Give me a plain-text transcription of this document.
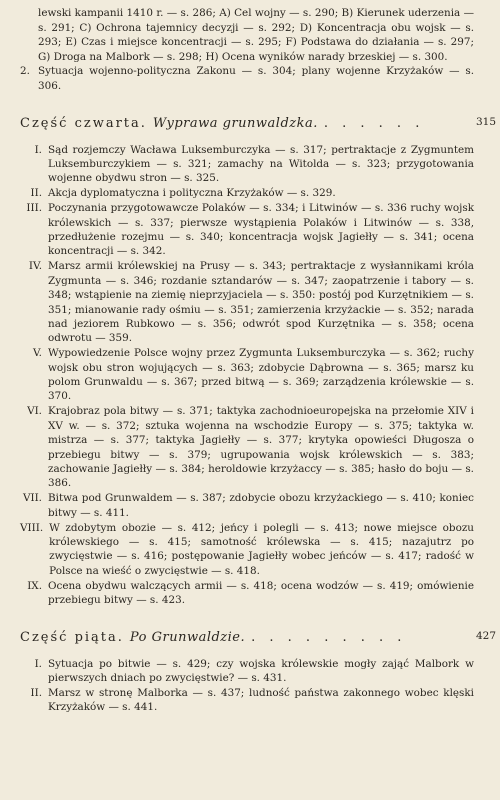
lewski kampanii 1410 r. — s. 286; A) Cel wojny — s. 290; B) Kierunek uderzenia — s. 291; C) Ochrona tajemnicy decyzji — s. 292; D) Koncentracja obu wojsk — s. 293; E) Czas i miejsce koncentracji — s. 295; F) Podstawa do działania — s. 297; G) Droga na Malbork — s. 298; H) Ocena wyników narady brzeskiej — s. 300.
2. Sytuacja wojenno-polityczna Zakonu — s. 304; plany wojenne Krzyżaków — s. 306.
Część czwarta. Wyprawa grunwaldzka. . . . . . .	315
I. Sąd rozjemczy Wacława Luksemburczyka — s. 317; pertraktacje z Zygmuntem Luksemburczykiem — s. 321; zamachy na Witolda — s. 323; przygotowania wojenne obydwu stron — s. 325.
II. Akcja dyplomatyczna i polityczna Krzyżaków — s. 329.
III. Poczynania przygotowawcze Polaków — s. 334; i Litwinów — s. 336 ruchy wojsk królewskich — s. 337; pierwsze wystąpienia Polaków i Litwinów — s. 338, przedłużenie rozejmu — s. 340; koncentracja wojsk Jagiełły — s. 341; ocena koncentracji — s. 342.
IV. Marsz armii królewskiej na Prusy — s. 343; pertraktacje z wysłannikami króla Zygmunta — s. 346; rozdanie sztandarów — s. 347; zaopatrzenie i tabory — s. 348; wstąpienie na ziemię nieprzyjaciela — s. 350: postój pod Kurzętnikiem — s. 351; mianowanie rady ośmiu — s. 351; zamierzenia krzyżackie — s. 352; narada nad jeziorem Rubkowo — s. 356; odwrót spod Kurzętnika — s. 358; ocena odwrotu — 359.
V. Wypowiedzenie Polsce wojny przez Zygmunta Luksemburczyka — s. 362; ruchy wojsk obu stron wojujących — s. 363; zdobycie Dąbrowna — s. 365; marsz ku polom Grunwaldu — s. 367; przed bitwą — s. 369; zarządzenia królewskie — s. 370.
VI. Krajobraz pola bitwy — s. 371; taktyka zachodnioeuropejska na przełomie XIV i XV w. — s. 372; sztuka wojenna na wschodzie Europy — s. 375; taktyka w. mistrza — s. 377; taktyka Jagiełły — s. 377; krytyka opowieści Długosza o przebiegu bitwy — s. 379; ugrupowania wojsk królewskich — s. 383; zachowanie Jagiełły — s. 384; heroldowie krzyżaccy — s. 385; hasło do boju — s. 386.
VII. Bitwa pod Grunwaldem — s. 387; zdobycie obozu krzyżackiego — s. 410; koniec bitwy — s. 411.
VIII. W zdobytym obozie — s. 412; jeńcy i polegli — s. 413; nowe miejsce obozu królewskiego — s. 415; samotność królewska — s. 415; nazajutrz po zwycięstwie — s. 416; postępowanie Jagiełły wobec jeńców — s. 417; radość w Polsce na wieść o zwycięstwie — s. 418.
IX. Ocena obydwu walczących armii — s. 418; ocena wodzów — s. 419; omówienie przebiegu bitwy — s. 423.
Część piąta. Po Grunwaldzie. . . . . . . . . .	427
I. Sytuacja po bitwie — s. 429; czy wojska królewskie mogły zająć Malbork w pierwszych dniach po zwycięstwie? — s. 431.
II. Marsz w stronę Malborka — s. 437; ludność państwa zakonnego wobec klęski Krzyżaków — s. 441.
